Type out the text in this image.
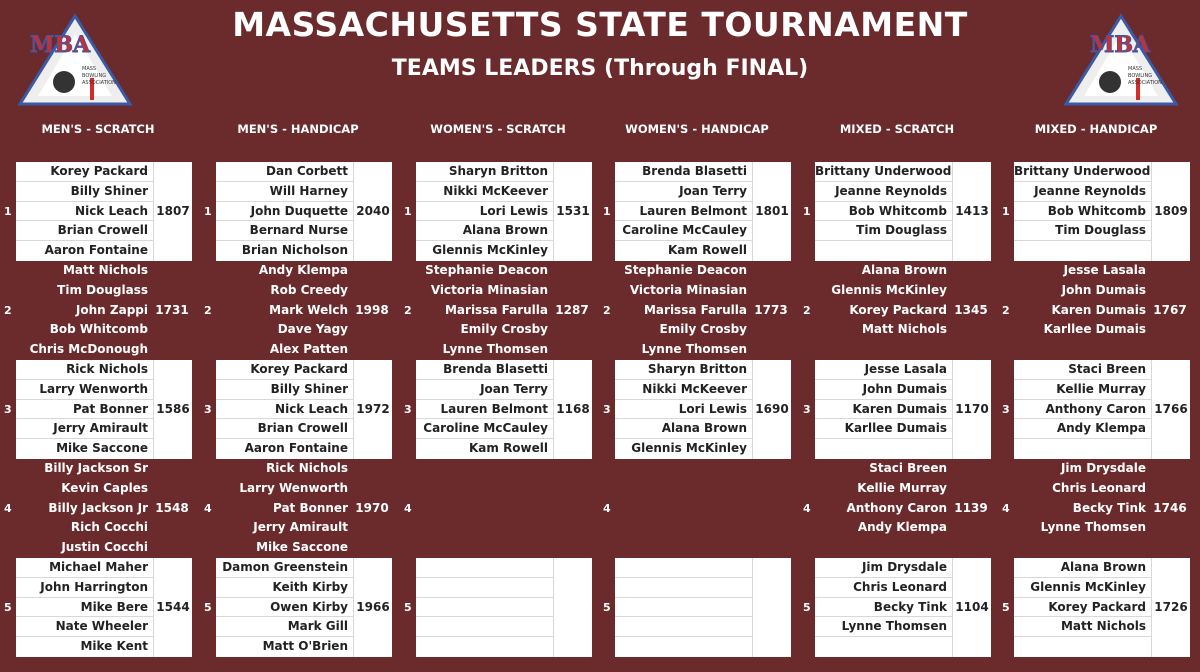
MASSACHUSETTS STATE TOURNAMENT
TEAMS LEADERS (Through FINAL)
MBA
MASS
BOWLING
ASSOCIATION
MBA
MASS
BOWLING
ASSOCIATION
MEN'S - SCRATCH
1
Korey Packard
Billy Shiner
Nick Leach
Brian Crowell
Aaron Fontaine
1807
2
Matt Nichols
Tim Douglass
John Zappi
Bob Whitcomb
Chris McDonough
1731
3
Rick Nichols
Larry Wenworth
Pat Bonner
Jerry Amirault
Mike Saccone
1586
4
Billy Jackson Sr
Kevin Caples
Billy Jackson Jr
Rich Cocchi
Justin Cocchi
1548
5
Michael Maher
John Harrington
Mike Bere
Nate Wheeler
Mike Kent
1544
MEN'S - HANDICAP
1
Dan Corbett
Will Harney
John Duquette
Bernard Nurse
Brian Nicholson
2040
2
Andy Klempa
Rob Creedy
Mark Welch
Dave Yagy
Alex Patten
1998
3
Korey Packard
Billy Shiner
Nick Leach
Brian Crowell
Aaron Fontaine
1972
4
Rick Nichols
Larry Wenworth
Pat Bonner
Jerry Amirault
Mike Saccone
1970
5
Damon Greenstein
Keith Kirby
Owen Kirby
Mark Gill
Matt O'Brien
1966
WOMEN'S - SCRATCH
1
Sharyn Britton
Nikki McKeever
Lori Lewis
Alana Brown
Glennis McKinley
1531
2
Stephanie Deacon
Victoria Minasian
Marissa Farulla
Emily Crosby
Lynne Thomsen
1287
3
Brenda Blasetti
Joan Terry
Lauren Belmont
Caroline McCauley
Kam Rowell
1168
4
5
WOMEN'S - HANDICAP
1
Brenda Blasetti
Joan Terry
Lauren Belmont
Caroline McCauley
Kam Rowell
1801
2
Stephanie Deacon
Victoria Minasian
Marissa Farulla
Emily Crosby
Lynne Thomsen
1773
3
Sharyn Britton
Nikki McKeever
Lori Lewis
Alana Brown
Glennis McKinley
1690
4
5
MIXED - SCRATCH
1
Brittany Underwood
Jeanne Reynolds
Bob Whitcomb
Tim Douglass
1413
2
Alana Brown
Glennis McKinley
Korey Packard
Matt Nichols
1345
3
Jesse Lasala
John Dumais
Karen Dumais
Karllee Dumais
1170
4
Staci Breen
Kellie Murray
Anthony Caron
Andy Klempa
1139
5
Jim Drysdale
Chris Leonard
Becky Tink
Lynne Thomsen
1104
MIXED - HANDICAP
1
Brittany Underwood
Jeanne Reynolds
Bob Whitcomb
Tim Douglass
1809
2
Jesse Lasala
John Dumais
Karen Dumais
Karllee Dumais
1767
3
Staci Breen
Kellie Murray
Anthony Caron
Andy Klempa
1766
4
Jim Drysdale
Chris Leonard
Becky Tink
Lynne Thomsen
1746
5
Alana Brown
Glennis McKinley
Korey Packard
Matt Nichols
1726
